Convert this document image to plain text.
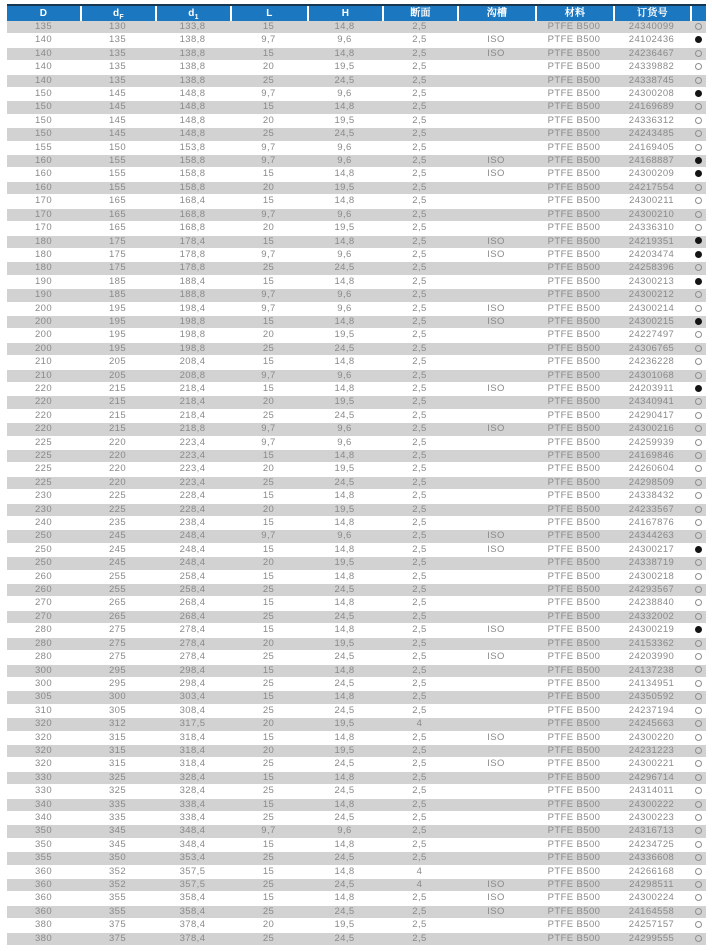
D	$d_F$	$d_1$	L	H	断面	沟槽	材料	订货号	
135	130	133,8	15	14,8	2,5		PTFE B500	24340099	
140	135	138,8	9,7	9,6	2,5	ISO	PTFE B500	24102436	
140	135	138,8	15	14,8	2,5	ISO	PTFE B500	24236467	
140	135	138,8	20	19,5	2,5		PTFE B500	24339882	
140	135	138,8	25	24,5	2,5		PTFE B500	24338745	
150	145	148,8	9,7	9,6	2,5		PTFE B500	24300208	
150	145	148,8	15	14,8	2,5		PTFE B500	24169689	
150	145	148,8	20	19,5	2,5		PTFE B500	24336312	
150	145	148,8	25	24,5	2,5		PTFE B500	24243485	
155	150	153,8	9,7	9,6	2,5		PTFE B500	24169405	
160	155	158,8	9,7	9,6	2,5	ISO	PTFE B500	24168887	
160	155	158,8	15	14,8	2,5	ISO	PTFE B500	24300209	
160	155	158,8	20	19,5	2,5		PTFE B500	24217554	
170	165	168,4	15	14,8	2,5		PTFE B500	24300211	
170	165	168,8	9,7	9,6	2,5		PTFE B500	24300210	
170	165	168,8	20	19,5	2,5		PTFE B500	24336310	
180	175	178,4	15	14,8	2,5	ISO	PTFE B500	24219351	
180	175	178,8	9,7	9,6	2,5	ISO	PTFE B500	24203474	
180	175	178,8	25	24,5	2,5		PTFE B500	24258396	
190	185	188,4	15	14,8	2,5		PTFE B500	24300213	
190	185	188,8	9,7	9,6	2,5		PTFE B500	24300212	
200	195	198,4	9,7	9,6	2,5	ISO	PTFE B500	24300214	
200	195	198,8	15	14,8	2,5	ISO	PTFE B500	24300215	
200	195	198,8	20	19,5	2,5		PTFE B500	24227497	
200	195	198,8	25	24,5	2,5		PTFE B500	24306765	
210	205	208,4	15	14,8	2,5		PTFE B500	24236228	
210	205	208,8	9,7	9,6	2,5		PTFE B500	24301068	
220	215	218,4	15	14,8	2,5	ISO	PTFE B500	24203911	
220	215	218,4	20	19,5	2,5		PTFE B500	24340941	
220	215	218,4	25	24,5	2,5		PTFE B500	24290417	
220	215	218,8	9,7	9,6	2,5	ISO	PTFE B500	24300216	
225	220	223,4	9,7	9,6	2,5		PTFE B500	24259939	
225	220	223,4	15	14,8	2,5		PTFE B500	24169846	
225	220	223,4	20	19,5	2,5		PTFE B500	24260604	
225	220	223,4	25	24,5	2,5		PTFE B500	24298509	
230	225	228,4	15	14,8	2,5		PTFE B500	24338432	
230	225	228,4	20	19,5	2,5		PTFE B500	24233567	
240	235	238,4	15	14,8	2,5		PTFE B500	24167876	
250	245	248,4	9,7	9,6	2,5	ISO	PTFE B500	24344263	
250	245	248,4	15	14,8	2,5	ISO	PTFE B500	24300217	
250	245	248,4	20	19,5	2,5		PTFE B500	24338719	
260	255	258,4	15	14,8	2,5		PTFE B500	24300218	
260	255	258,4	25	24,5	2,5		PTFE B500	24293567	
270	265	268,4	15	14,8	2,5		PTFE B500	24238840	
270	265	268,4	25	24,5	2,5		PTFE B500	24332002	
280	275	278,4	15	14,8	2,5	ISO	PTFE B500	24300219	
280	275	278,4	20	19,5	2,5		PTFE B500	24153362	
280	275	278,4	25	24,5	2,5	ISO	PTFE B500	24203990	
300	295	298,4	15	14,8	2,5		PTFE B500	24137238	
300	295	298,4	25	24,5	2,5		PTFE B500	24134951	
305	300	303,4	15	14,8	2,5		PTFE B500	24350592	
310	305	308,4	25	24,5	2,5		PTFE B500	24237194	
320	312	317,5	20	19,5	4		PTFE B500	24245663	
320	315	318,4	15	14,8	2,5	ISO	PTFE B500	24300220	
320	315	318,4	20	19,5	2,5		PTFE B500	24231223	
320	315	318,4	25	24,5	2,5	ISO	PTFE B500	24300221	
330	325	328,4	15	14,8	2,5		PTFE B500	24296714	
330	325	328,4	25	24,5	2,5		PTFE B500	24314011	
340	335	338,4	15	14,8	2,5		PTFE B500	24300222	
340	335	338,4	25	24,5	2,5		PTFE B500	24300223	
350	345	348,4	9,7	9,6	2,5		PTFE B500	24316713	
350	345	348,4	15	14,8	2,5		PTFE B500	24234725	
355	350	353,4	25	24,5	2,5		PTFE B500	24336608	
360	352	357,5	15	14,8	4		PTFE B500	24266168	
360	352	357,5	25	24,5	4	ISO	PTFE B500	24298511	
360	355	358,4	15	14,8	2,5	ISO	PTFE B500	24300224	
360	355	358,4	25	24,5	2,5	ISO	PTFE B500	24164558	
380	375	378,4	20	19,5	2,5		PTFE B500	24257157	
380	375	378,4	25	24,5	2,5		PTFE B500	24299555	
